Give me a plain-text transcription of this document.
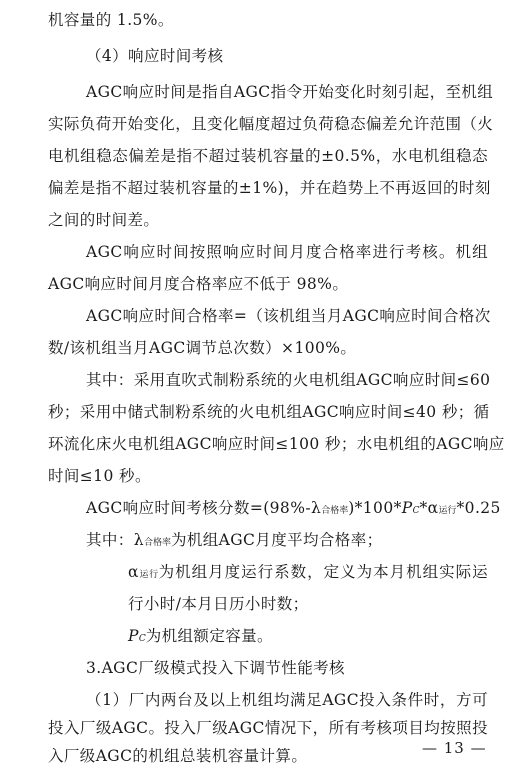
机容量的 1.5%。
（4）响应时间考核
AGC响应时间是指自AGC指令开始变化时刻引起，至机组
实际负荷开始变化，且变化幅度超过负荷稳态偏差允许范围（火
电机组稳态偏差是指不超过装机容量的±0.5%，水电机组稳态
偏差是指不超过装机容量的±1%)，并在趋势上不再返回的时刻
之间的时间差。
AGC响应时间按照响应时间月度合格率进行考核。机组
AGC响应时间月度合格率应不低于 98%。
AGC响应时间合格率=（该机组当月AGC响应时间合格次
数/该机组当月AGC调节总次数）×100%。
其中：采用直吹式制粉系统的火电机组AGC响应时间≤60
秒；采用中储式制粉系统的火电机组AGC响应时间≤40 秒；循
环流化床火电机组AGC响应时间≤100 秒；水电机组的AGC响应
时间≤10 秒。
AGC响应时间考核分数=(98%-λ合格率)*100*PC*α运行*0.25
其中：λ合格率为机组AGC月度平均合格率；
α运行为机组月度运行系数，定义为本月机组实际运
行小时/本月日历小时数；
PC为机组额定容量。
3.AGC厂级模式投入下调节性能考核
（1）厂内两台及以上机组均满足AGC投入条件时，方可
投入厂级AGC。投入厂级AGC情况下，所有考核项目均按照投
入厂级AGC的机组总装机容量计算。	— 13 —
